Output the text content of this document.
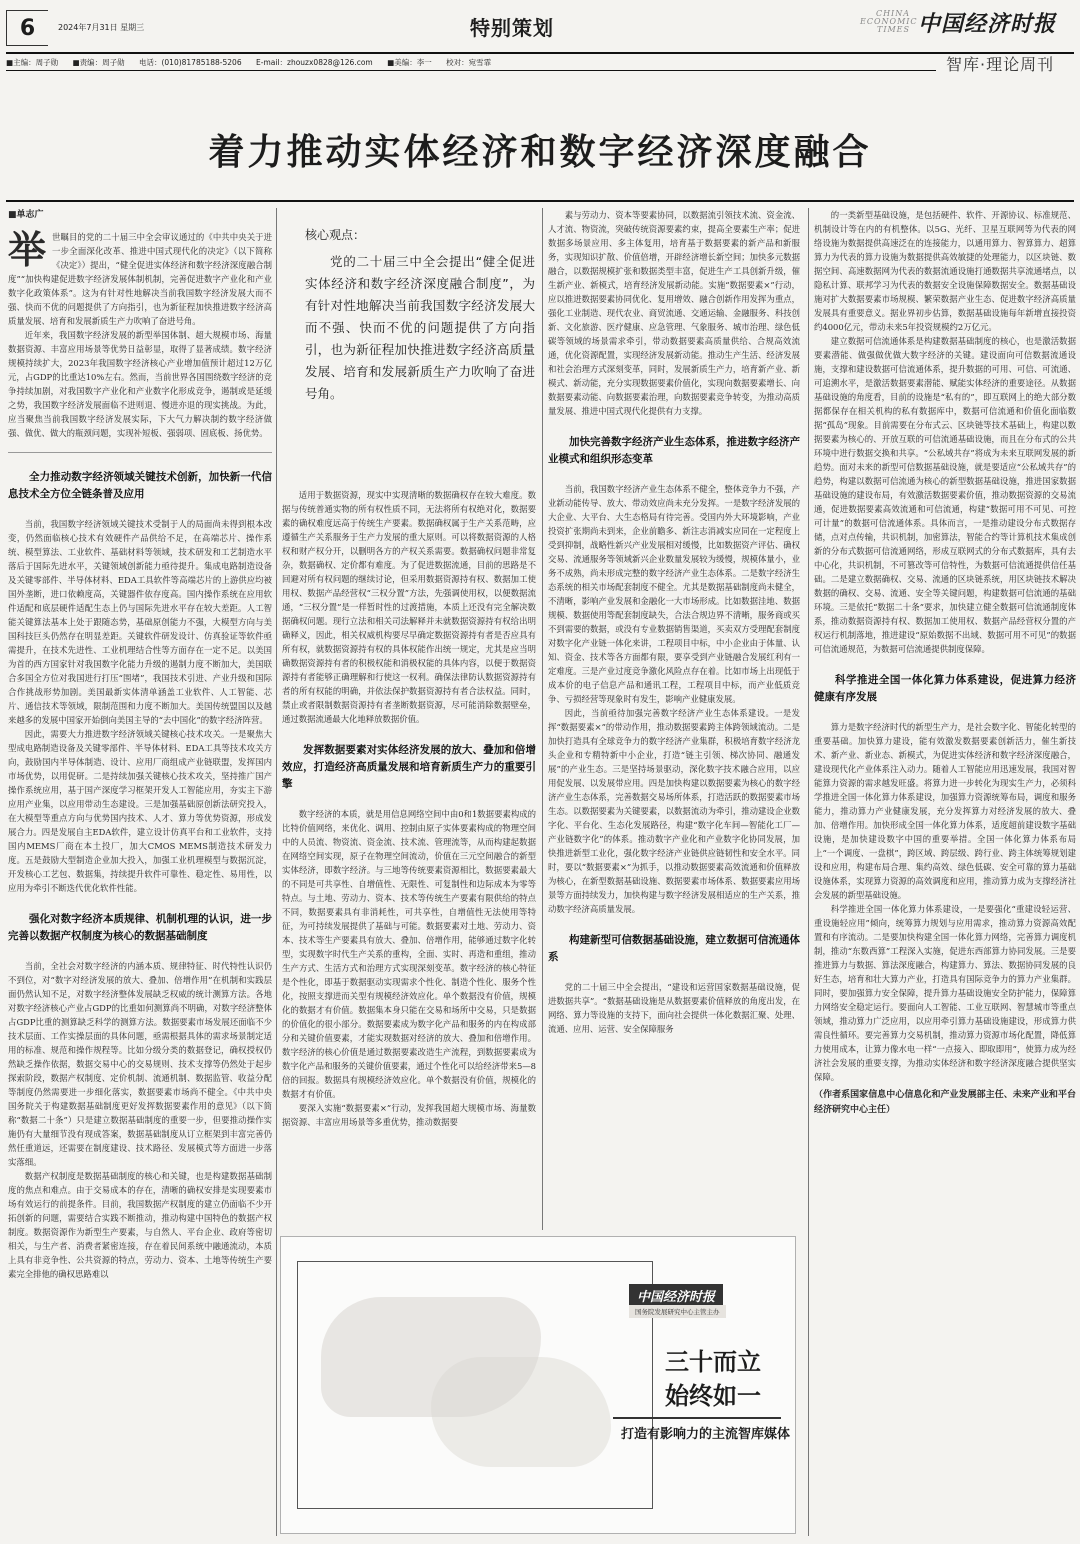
6	2024年7月31日 星期三	特别策划
CHINA
ECONOMIC
TIMES 中国经济时报
■主编：周子勋 ■责编：周子勋 电话：(010)81785188-5206 E-mail：zhouzx0828@126.com ■美编：李一 校对：宛雪霏	智库·理论周刊
着力推动实体经济和数字经济深度融合

■单志广

举世瞩目的党的二十届三中全会审议通过的《中共中央关于进一步全面深化改革、推进中国式现代化的决定》（以下简称《决定》）提出，“健全促进实体经济和数字经济深度融合制度”“加快构建促进数字经济发展体制机制，完善促进数字产业化和产业数字化政策体系”。这为有针对性地解决当前我国数字经济发展大而不强、快而不优的问题提供了方向指引，也为新征程加快推进数字经济高质量发展、培育和发展新质生产力吹响了奋进号角。

近年来，我国数字经济发展的新型举国体制、超大规模市场、海量数据资源、丰富应用场景等优势日益彰显，取得了显著成绩。数字经济规模持续扩大，2023年我国数字经济核心产业增加值预计超过12万亿元，占GDP的比重达10%左右。然而，当前世界各国围绕数字经济的竞争持续加剧，对我国数字产业化和产业数字化形成竞争，遏制或是延缓之势，我国数字经济发展面临不进则退、慢进亦退的现实挑战。为此，应当聚焦当前我国数字经济发展实际，下大气力解决制约数字经济做强、做优、做大的瓶颈问题，实现补短板、强弱项、固底板、扬优势。

全力推动数字经济领域关键技术创新，加快新一代信息技术全方位全链条普及应用

当前，我国数字经济领域关键技术受制于人的局面尚未得到根本改变，仍然面临核心技术有效硬件产品供给不足，在高端芯片、操作系统、模型算法、工业软件、基础材料等领域，技术研发和工艺制造水平落后于国际先进水平，关键领域创新能力亟待提升。集成电路制造设备及关键零部件、半导体材料、EDA工具软件等高端芯片的上游供应均被国外垄断，进口依赖度高，关键器件依存度高。国内操作系统在应用软件适配和底层硬件适配生态上仍与国际先进水平存在较大差距。人工智能关键算法基本上处于跟随态势，基础原创能力不强，大模型方向与美国科技巨头仍然存在明显差距。关键软件研发设计、仿真验证等软件亟需提升，在技术先进性、工业机理结合性等方面存在一定不足。以美国为首的西方国家针对我国数字化能力升级的遏制力度不断加大，美国联合多国全方位对我国进行打压“围堵”，我国技术引进、产业升级和国际合作挑战形势加剧。美国最新实体清单涵盖工业软件、人工智能、芯片、通信技术等领域，限制范围和力度不断加大。美国传统盟国以及越来越多的发展中国家开始倒向美国主导的“去中国化”的数字经济阵营。

因此，需要大力推进数字经济领域关键核心技术攻关。一是聚焦大型成电路制造设备及关键零部件、半导体材料、EDA工具等技术攻关方向，鼓励国内半导体制造、设计、应用厂商组成产业链联盟，发挥国内市场优势，以用促研。二是持续加强关键核心技术攻关，坚持推广国产操作系统应用，基于国产深度学习框架开发人工智能应用，夯实主下游应用产业集，以应用带动生态建设。三是加强基础原创新法研究投入，在大模型等重点方向与优势国内技术、人才、算力等优势资源，形成发展合力。四是发展自主EDA软件，建立设计仿真平台和工业软件，支持国内MEMS厂商在本土投厂，加大CMOS MEMS制造技术研发力度。五是鼓励大型制造企业加大投入，加强工业机理模型与数据沉淀，开发核心工艺包、数据集，持续提升软件可靠性、稳定性、易用性，以应用为牵引不断迭代优化软件性能。

强化对数字经济本质规律、机制机理的认识，进一步完善以数据产权制度为核心的数据基础制度

当前，全社会对数字经济的内涵本质、规律特征、时代特性认识仍不到位，对“数字对经济发展的放大、叠加、倍增作用”在机制和实践层面仍然认知不足，对数字经济整体发展缺乏权威的统计测算方法。各地对数字经济核心产业占GDP的比重如何测算尚不明确，对数字经济整体占GDP比重的测算缺乏科学的测算方法。数据要素市场发展还面临不少技术层面、工作实操层面的具体问题，亟需根据具体的需求场景制定适用的标准、规范和操作规程等。比如分级分类的数据登记，确权授权仍然缺乏操作依据，数据交易中心的交易规则、技术支撑等仍然处于起步探索阶段，数据产权制度、定价机制、流通机制、数据监管、收益分配等制度仍然需要进一步细化落实，数据要素市场尚不健全。《中共中央 国务院关于构建数据基础制度更好发挥数据要素作用的意见》（以下简称“数据二十条”）只是建立数据基础制度的重要一步，但要推动操作实施仍有大量细节没有现成答案，数据基础制度从订立框架到丰富完善仍然任重道远，还需要在制度建设、技术路径、发展模式等方面进一步落实落细。

数据产权制度是数据基础制度的核心和关键，也是构建数据基础制度的焦点和难点。由于交易成本的存在，清晰的确权安排是实现要素市场有效运行的前提条件。目前，我国数据产权制度的建立仍面临不少开拓创新的问题，需要结合实践不断推动，推动构建中国特色的数据产权制度。数据资源作为新型生产要素，与自然人、平台企业、政府等密切相关，与生产者、消费者紧密连接，存在着民间系统中融通流动，本质上具有非竞争性、公共资源的特点，劳动力、资本、土地等传统生产要素完全排他的确权思路难以

核心观点：
党的二十届三中全会提出“健全促进实体经济和数字经济深度融合制度”，为有针对性地解决当前我国数字经济发展大而不强、快而不优的问题提供了方向指引，也为新征程加快推进数字经济高质量发展、培育和发展新质生产力吹响了奋进号角。

适用于数据资源，现实中实现清晰的数据确权存在较大难度。数据与传统普通实物的所有权性质不同，无法将所有权绝对化，数据要素的确权难度远高于传统生产要素。数据确权属于生产关系范畴，应遵循生产关系服务于生产力发展的重大原则。可以将数据资源的人格权和财产权分开，以删明各方的产权关系需要。数据确权问题非常复杂，数据确权、定价都有难度。为了促进数据流通，目前的思路是不回避对所有权问题的继续讨论，但采用数据资源持有权、数据加工使用权、数据产品经营权“三权分置”方法，先强调使用权，以便数据流通，“三权分置”是一样暂时性的过渡措施，本质上还没有完全解决数据确权问题。现行立法和相关司法解释并未就数据资源持有权给出明确释义，因此，相关权威机构要尽早确定数据资源持有者是否应具有所有权，就数据资源持有权的具体权能作出统一规定，尤其是应当明确数据资源持有者的积极权能和消极权能的具体内容，以便于数据资源持有者能够正确理解和行使这一权利。确保法律防认数据资源持有者的所有权能的明确，并依法保护数据资源持有者合法权益。同时，禁止或者限制数据资源持有者垄断数据资源，尽可能消除数据壁垒，通过数据流通最大化地释放数据价值。

发挥数据要素对实体经济发展的放大、叠加和倍增效应，打造经济高质量发展和培育新质生产力的重要引擎

数字经济的本质，就是用信息网络空间中由0和1数据要素构成的比特价值网络，来优化、调用、控制由原子实体要素构成的物理空间中的人员流、物资流、资金流、技术流、管理流等，从而构建起数据在网络空间实现，原子在物理空间流动，价值在三元空间融合的新型实体经济，即数字经济。与三地等传统要素资源相比，数据要素最大的不同是可共享性、自增值性、无限性、可复制性和边际成本为零等特点。与土地、劳动力、资本、技术等传统生产要素有限供给的特点不同，数据要素具有非消耗性，可共享性，自增值性无法使用等特征，为可持续发展提供了基础与可能。数据要素对土地、劳动力、资本、技术等生产要素具有放大、叠加、倍增作用，能够通过数字化转型，实现数字时代生产关系的重构，全面、实时、再造和重组，推动生产方式、生活方式和治理方式实现深刻变革。数字经济的核心特征是个性化，即基于数据驱动实现需求个性化、制造个性化、服务个性化，按照支撑进而关型有规模经济效应化。单个数据没有价值，规模化的数据才有价值。数据集本身只能在交易和场所中交易，只是数据的价值化的很小部分。数据要素成为数字化产品和服务的内在构成部分和关键价值要素，才能实现数据对经济的放大、叠加和倍增作用。数字经济的核心价值是通过数据要素改造生产流程，到数据要素成为数字化产品和服务的关键价值要素，通过个性化可以给经济带来5—8倍的回报。数据具有规模经济效应化。单个数据没有价值，规模化的数据才有价值。

要深入实施“数据要素×”行动，发挥我国超大规模市场、海量数据资源、丰富应用场景等多重优势，推动数据要

素与劳动力、资本等要素协同，以数据流引领技术流、资金流、人才流、物资流，突破传统资源要素约束，提高全要素生产率；促进数据多场景应用、多主体复用，培育基于数据要素的新产品和新服务，实现知识扩散、价值倍增，开辟经济增长新空间；加快多元数据融合，以数据规模扩张和数据类型丰富，促进生产工具创新升级，催生新产业、新模式，培育经济发展新动能。实施“数据要素×”行动，应以推进数据要素协同优化、复用增效、融合创新作用发挥为重点，强化工业制造、现代农业、商贸流通、交通运输、金融服务、科技创新、文化旅游、医疗健康、应急管理、气象服务、城市治理、绿色低碳等领域的场景需求牵引，带动数据要素高质量供给、合规高效流通，优化资源配置，实现经济发展新动能。推动生产生活、经济发展和社会治理方式深刻变革，同时，发展新质生产力，培育新产业、新模式、新动能，充分实现数据要素价值化，实现向数据要素增长、向数据要素动能、向数据要素治理，向数据要素竞争转变，为推动高质量发展、推进中国式现代化提供有力支撑。

加快完善数字经济产业生态体系，推进数字经济产业模式和组织形态变革

当前，我国数字经济产业生态体系不健全，整体竞争力不强，产业新动能传导、放大、带动效应尚未充分发挥。一是数字经济发展的大企业、大平台、大生态格局有待完善。受国内外大环境影响，产业投资扩张期尚未到来，企业前瞻多、新注志消减实应同在一定程度上受到抑制，战略性新兴产业发展相对缓慢，比如数据资产评估、确权交易、流通服务等领域新兴企业数量发展较为缓慢，规模体量小，业务不成熟，尚未形成完整的数字经济产业生态体系。二是数字经济生态系统的相关市场配套制度不健全。尤其是数据基础制度尚未健全，不清晰，影响产业发展和金融化一大市场形成。比如数据洼地、数据规模、数据使用等配套制度缺失，合法合规边界不清晰，服务商或买不到需要的数据，或没有专业数据销售渠道，买卖双方受理配套制度对数字化产业链一体化来讲，工程项目中标，中小企业由于体量、认知、资金、技术等各方面都有限，要享受到产业链融合发展红利有一定难度。三是产业过度竞争激化风险点存在着。比如市场上出现低于成本价的电子信息产品和通讯工程，工程项目中标，而产业低质竞争、亏损经营等现象时有发生，影响产业健康发展。

因此，当前亟待加强完善数字经济产业生态体系建设。一是发挥“数据要素×”的带动作用，推动数据要素跨主体跨领域流动。二是加快打造具有全球竞争力的数字经济产业集群，积极培育数字经济龙头企业和专精特新中小企业，打造“链主引领、梯次协同、融通发展”的产业生态。三是坚持场景驱动，深化数字技术融合应用，以应用促发展、以发展带应用。四是加快构建以数据要素为核心的数字经济产业生态体系，完善数据交易场所体系，打造活跃的数据要素市场生态。以数据要素为关键要素，以数据流动为牵引，推动建设企业数字化、平台化、生态化发展路径，构建“数字化车间—智能化工厂—产业链数字化”的体系。推动数字产业化和产业数字化协同发展，加快推进新型工业化，强化数字经济产业链供应链韧性和安全水平。同时，要以“数据要素×”为抓手，以推动数据要素高效流通和价值释放为核心，在新型数据基础设施、数据要素市场体系、数据要素应用场景等方面持续发力，加快构建与数字经济发展相适应的生产关系，推动数字经济高质量发展。

构建新型可信数据基础设施，建立数据可信流通体系

党的二十届三中全会提出，“建设和运营国家数据基础设施，促进数据共享”。“数据基础设施是从数据要素价值释放的角度出发，在网络、算力等设施的支持下，面向社会提供一体化数据汇聚、处理、流通、应用、运营、安全保障服务

的一类新型基础设施，是包括硬件、软件、开源协议、标准规范、机制设计等在内的有机整体。以5G、光纤、卫星互联网等为代表的网络设施为数据提供高速泛在的连接能力，以通用算力、智算算力、超算算力为代表的算力设施为数据提供高效敏捷的处理能力，以区块链、数据空间、高速数据网为代表的数据流通设施打通数据共享流通堵点，以隐私计算、联邦学习为代表的数据安全设施保障数据安全。数据基础设施对扩大数据要素市场规模、繁荣数据产业生态、促进数字经济高质量发展具有重要意义。据业界初步估算，数据基础设施每年新增直接投资约4000亿元，带动未来5年投资规模约2万亿元。

建立数据可信流通体系是构建数据基础制度的核心，也是激活数据要素潜能、做强做优做大数字经济的关键。建设面向可信数据流通设施，支撑和建设数据可信流通体系，提升数据的可用、可信、可流通、可追溯水平，是激活数据要素潜能、赋能实体经济的重要途径。从数据基础设施的角度看，目前的设施是“私有的”，即互联网上的绝大部分数据都保存在相关机构的私有数据库中，数据可信流通和价值化面临数据“孤岛”现象。目前需要在分布式云、区块链等技术基础上，构建以数据要素为核心的、开放互联的可信流通基础设施，而且在分布式的公共环境中进行数据交换和共享。“公私域共存”将成为未来互联网发展的新趋势。面对未来的新型可信数据基础设施，就是要适应“公私域共存”的趋势，构建以数据可信流通为核心的新型数据基础设施，推进国家数据基础设施的建设布局，有效激活数据要素价值，推动数据资源的交易流通，促进数据要素高效流通和可信流通，构建“数据可用不可见、可控可计量”的数据可信流通体系。具体而言，一是推动建设分布式数据存储，点对点传输，共识机制，加密算法，智能合约等计算机技术集成创新的分布式数据可信流通网络，形成互联网式的分布式数据库，具有去中心化，共识机制，不可篡改等可信特性，为数据可信流通提供信任基础。二是建立数据确权、交易、流通的区块链系统，用区块链技术解决数据的确权、交易、流通、安全等关键问题，构建数据可信流通的基础环境。三是依托“数据二十条”要求，加快建立健全数据可信流通制度体系，推动数据资源持有权、数据加工使用权、数据产品经营权分置的产权运行机制落地，推进建设“原始数据不出域、数据可用不可见”的数据可信流通规范，为数据可信流通提供制度保障。

科学推进全国一体化算力体系建设，促进算力经济健康有序发展

算力是数字经济时代的新型生产力，是社会数字化、智能化转型的重要基础。加快算力建设，能有效激发数据要素创新活力，催生新技术、新产业、新业态、新模式，为促进实体经济和数字经济深度融合，建设现代化产业体系注入动力。随着人工智能应用迅速发展，我国对智能算力资源的需求越发旺盛。将算力进一步转化为现实生产力，必须科学推进全国一体化算力体系建设，加强算力资源统筹布局，调度和服务能力，推动算力产业健康发展，充分发挥算力对经济发展的放大、叠加、倍增作用。加快形成全国一体化算力体系，适度超前建设数字基础设施，是加快建设数字中国的重要举措。全国一体化算力体系布局上“一个调度、一盘棋”，跨区域、跨层级、跨行业、跨主体统筹规划建设和应用，构建布局合理、集约高效、绿色低碳、安全可靠的算力基础设施体系，实现算力资源的高效调度和应用，推动算力成为支撑经济社会发展的新型基础设施。

科学推进全国一体化算力体系建设，一是要强化“重建设轻运营、重设施轻应用”倾向，统筹算力规划与应用需求，推动算力资源高效配置和有序流动。二是要加快构建全国一体化算力网络，完善算力调度机制，推动“东数西算”工程深入实施，促进东西部算力协同发展。三是要推进算力与数据、算法深度融合，构建算力、算法、数据协同发展的良好生态，培育和壮大算力产业，打造具有国际竞争力的算力产业集群。同时，要加强算力安全保障，提升算力基础设施安全防护能力，保障算力网络安全稳定运行。要面向人工智能、工业互联网、智慧城市等重点领域，推动算力广泛应用，以应用牵引算力基础设施建设，形成算力供需良性循环。要完善算力交易机制，推动算力资源市场化配置，降低算力使用成本，让算力像水电一样“一点接入、即取即用”，使算力成为经济社会发展的重要支撑，为推动实体经济和数字经济深度融合提供坚实保障。

（作者系国家信息中心信息化和产业发展部主任、未来产业和平台经济研究中心主任）

中国经济时报
国务院发展研究中心主管主办
三十而立
始终如一
打造有影响力的主流智库媒体
